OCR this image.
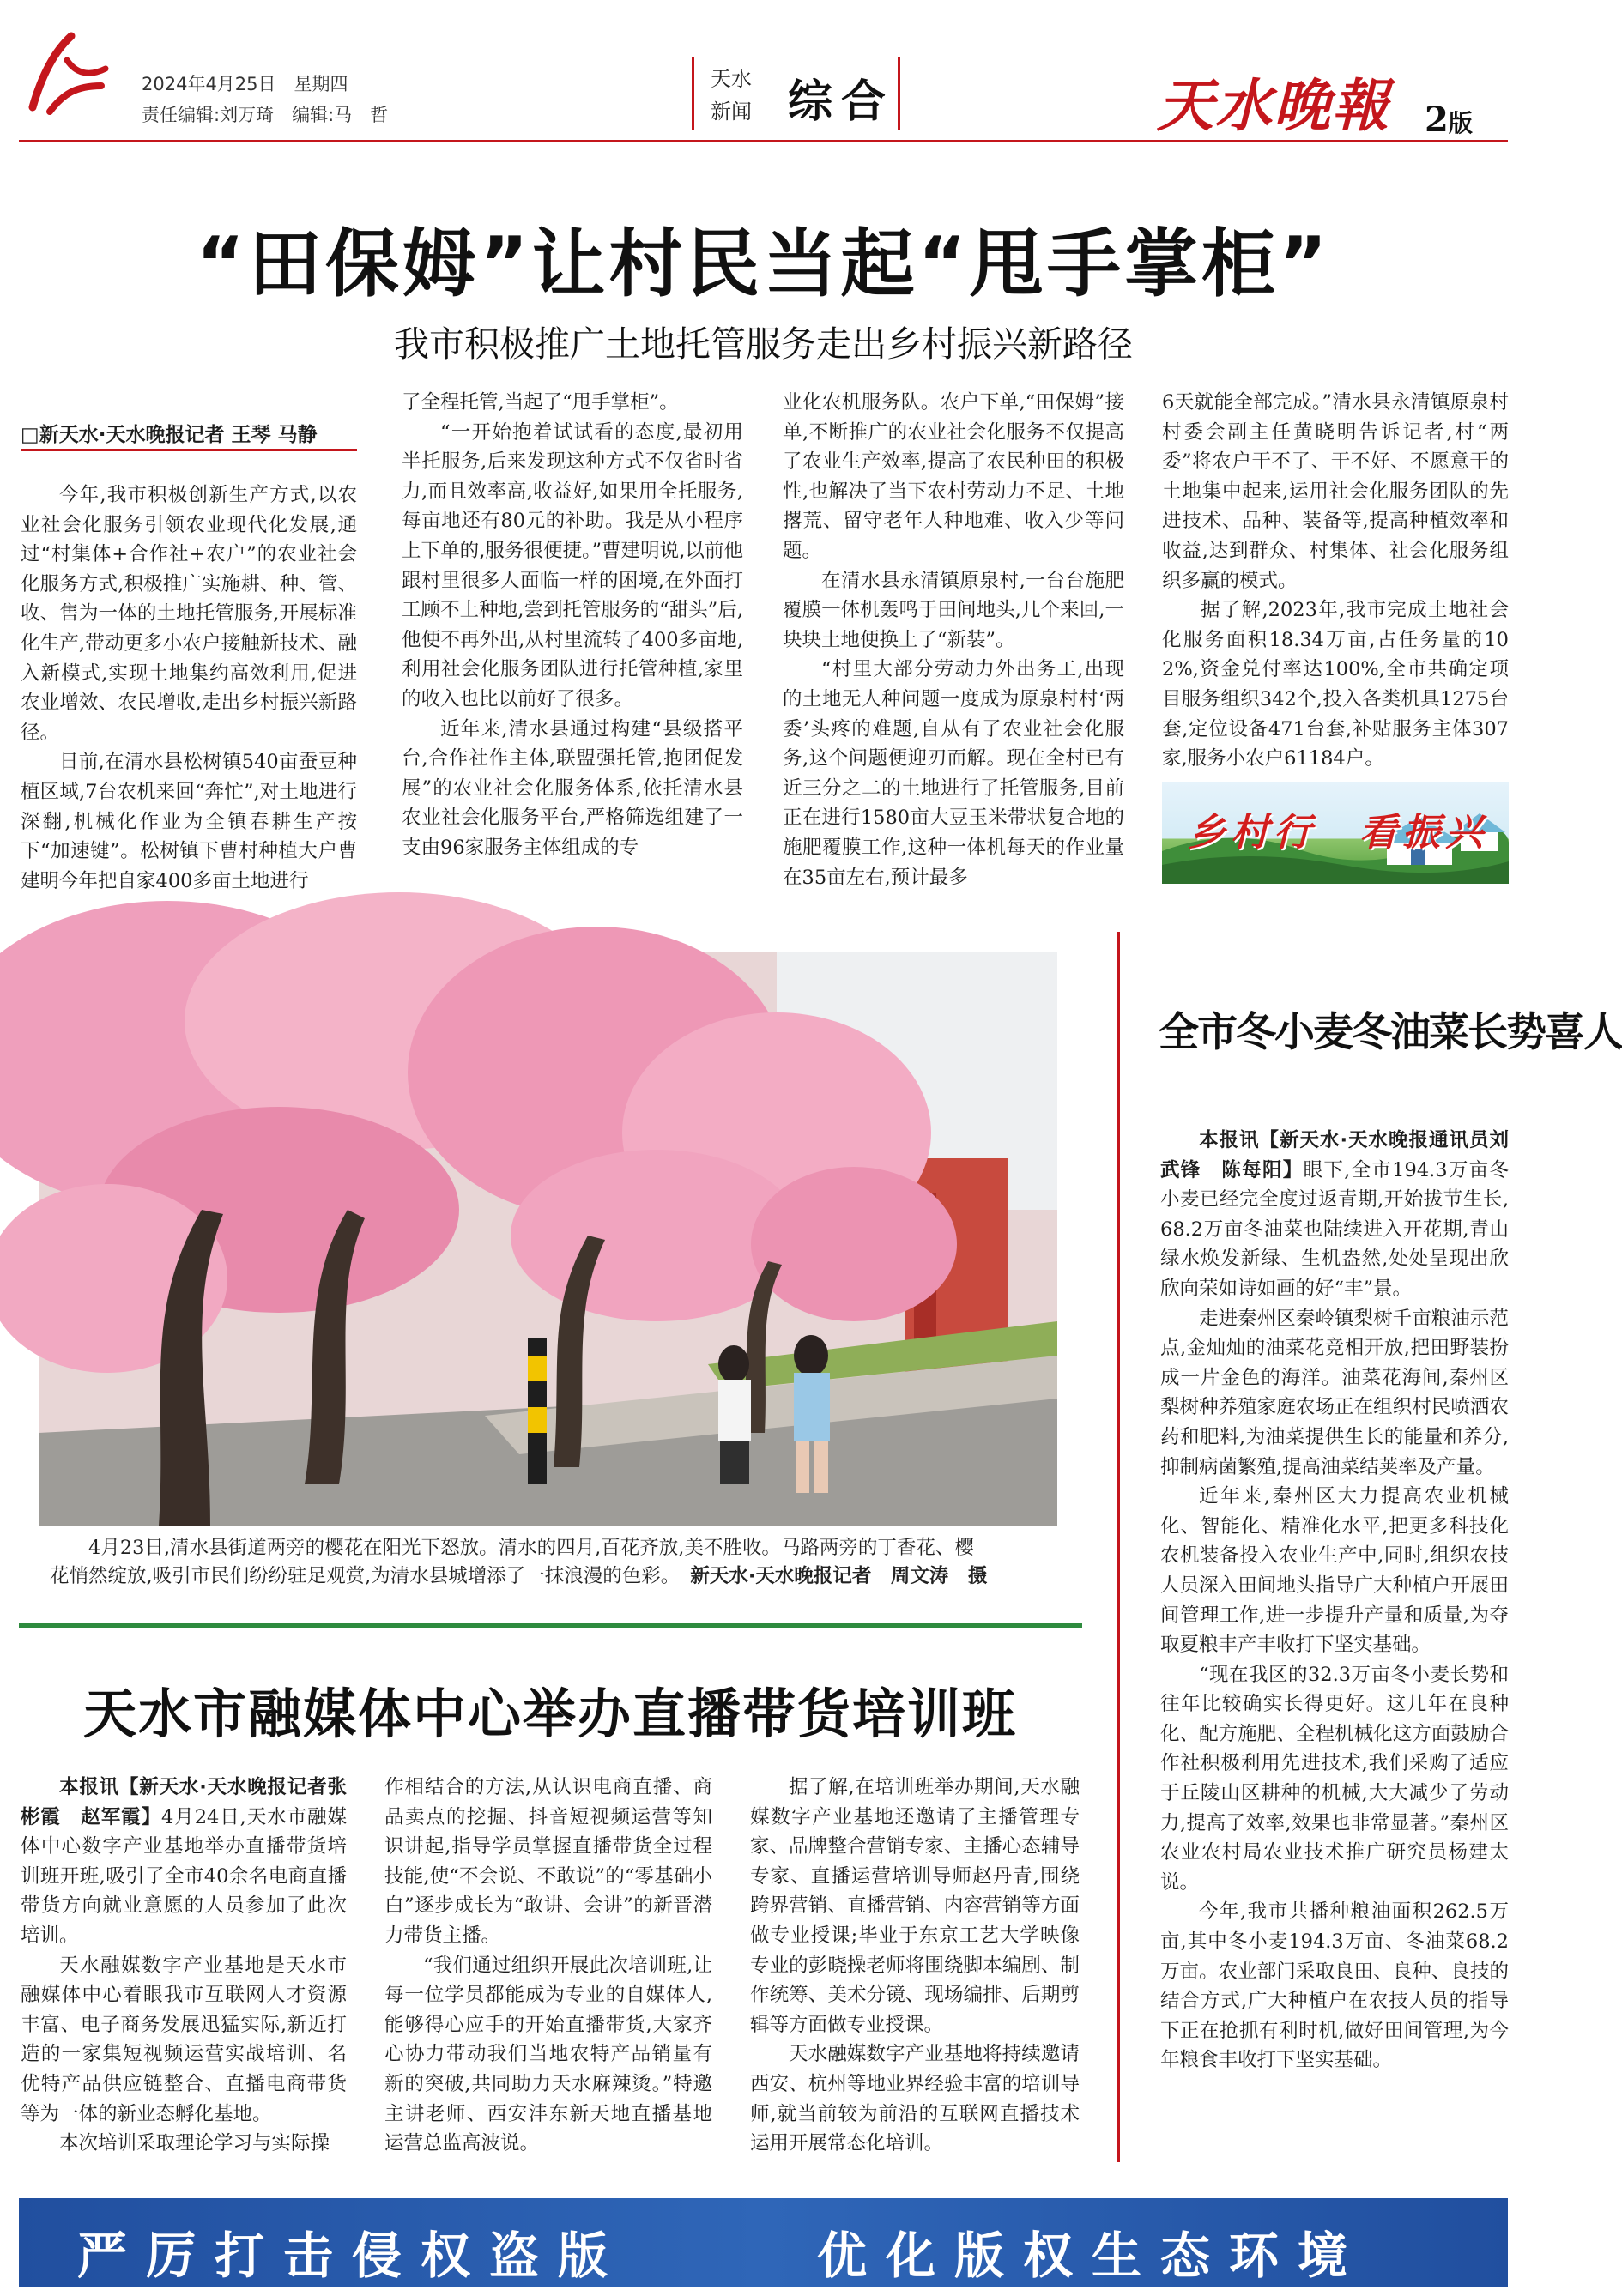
2024年4月25日　星期四
责任编辑:刘万琦　编辑:马　哲
天水
新闻 综合	天水晚報 2版
“田保姆”让村民当起“甩手掌柜”
我市积极推广土地托管服务走出乡村振兴新路径
□新天水·天水晚报记者 王琴 马静

今年,我市积极创新生产方式,以农业社会化服务引领农业现代化发展,通过“村集体+合作社+农户”的农业社会化服务方式,积极推广实施耕、种、管、收、售为一体的土地托管服务,开展标准化生产,带动更多小农户接触新技术、融入新模式,实现土地集约高效利用,促进农业增效、农民增收,走出乡村振兴新路径。

日前,在清水县松树镇540亩蚕豆种植区域,7台农机来回“奔忙”,对土地进行深翻,机械化作业为全镇春耕生产按下“加速键”。松树镇下曹村种植大户曹建明今年把自家400多亩土地进行

了全程托管,当起了“甩手掌柜”。

“一开始抱着试试看的态度,最初用半托服务,后来发现这种方式不仅省时省力,而且效率高,收益好,如果用全托服务,每亩地还有80元的补助。我是从小程序上下单的,服务很便捷。”曹建明说,以前他跟村里很多人面临一样的困境,在外面打工顾不上种地,尝到托管服务的“甜头”后,他便不再外出,从村里流转了400多亩地,利用社会化服务团队进行托管种植,家里的收入也比以前好了很多。

近年来,清水县通过构建“县级搭平台,合作社作主体,联盟强托管,抱团促发展”的农业社会化服务体系,依托清水县农业社会化服务平台,严格筛选组建了一支由96家服务主体组成的专

业化农机服务队。农户下单,“田保姆”接单,不断推广的农业社会化服务不仅提高了农业生产效率,提高了农民种田的积极性,也解决了当下农村劳动力不足、土地撂荒、留守老年人种地难、收入少等问题。

在清水县永清镇原泉村,一台台施肥覆膜一体机轰鸣于田间地头,几个来回,一块块土地便换上了“新装”。

“村里大部分劳动力外出务工,出现的土地无人种问题一度成为原泉村村‘两委’头疼的难题,自从有了农业社会化服务,这个问题便迎刃而解。现在全村已有近三分之二的土地进行了托管服务,目前正在进行1580亩大豆玉米带状复合地的施肥覆膜工作,这种一体机每天的作业量在35亩左右,预计最多

6天就能全部完成。”清水县永清镇原泉村村委会副主任黄晓明告诉记者,村“两委”将农户干不了、干不好、不愿意干的土地集中起来,运用社会化服务团队的先进技术、品种、装备等,提高种植效率和收益,达到群众、村集体、社会化服务组织多赢的模式。

据了解,2023年,我市完成土地社会化服务面积18.34万亩,占任务量的102%,资金兑付率达100%,全市共确定项目服务组织342个,投入各类机具1275台套,定位设备471台套,补贴服务主体307家,服务小农户61184户。

乡村行　看振兴
4月23日,清水县街道两旁的樱花在阳光下怒放。清水的四月,百花齐放,美不胜收。马路两旁的丁香花、樱
花悄然绽放,吸引市民们纷纷驻足观赏,为清水县城增添了一抹浪漫的色彩。 新天水·天水晚报记者　周文涛　摄
全市冬小麦冬油菜长势喜人

本报讯【新天水·天水晚报通讯员刘武锋　陈每阳】眼下,全市194.3万亩冬小麦已经完全度过返青期,开始拔节生长,68.2万亩冬油菜也陆续进入开花期,青山绿水焕发新绿、生机盎然,处处呈现出欣欣向荣如诗如画的好“丰”景。

走进秦州区秦岭镇梨树千亩粮油示范点,金灿灿的油菜花竞相开放,把田野装扮成一片金色的海洋。油菜花海间,秦州区梨树种养殖家庭农场正在组织村民喷洒农药和肥料,为油菜提供生长的能量和养分,抑制病菌繁殖,提高油菜结荚率及产量。

近年来,秦州区大力提高农业机械化、智能化、精准化水平,把更多科技化农机装备投入农业生产中,同时,组织农技人员深入田间地头指导广大种植户开展田间管理工作,进一步提升产量和质量,为夺取夏粮丰产丰收打下坚实基础。

“现在我区的32.3万亩冬小麦长势和往年比较确实长得更好。这几年在良种化、配方施肥、全程机械化这方面鼓励合作社积极利用先进技术,我们采购了适应于丘陵山区耕种的机械,大大减少了劳动力,提高了效率,效果也非常显著。”秦州区农业农村局农业技术推广研究员杨建太说。

今年,我市共播种粮油面积262.5万亩,其中冬小麦194.3万亩、冬油菜68.2万亩。农业部门采取良田、良种、良技的结合方式,广大种植户在农技人员的指导下正在抢抓有利时机,做好田间管理,为今年粮食丰收打下坚实基础。

天水市融媒体中心举办直播带货培训班

本报讯【新天水·天水晚报记者张彬霞　赵军霞】4月24日,天水市融媒体中心数字产业基地举办直播带货培训班开班,吸引了全市40余名电商直播带货方向就业意愿的人员参加了此次培训。

天水融媒数字产业基地是天水市融媒体中心着眼我市互联网人才资源丰富、电子商务发展迅猛实际,新近打造的一家集短视频运营实战培训、名优特产品供应链整合、直播电商带货等为一体的新业态孵化基地。

本次培训采取理论学习与实际操

作相结合的方法,从认识电商直播、商品卖点的挖掘、抖音短视频运营等知识讲起,指导学员掌握直播带货全过程技能,使“不会说、不敢说”的“零基础小白”逐步成长为“敢讲、会讲”的新晋潜力带货主播。

“我们通过组织开展此次培训班,让每一位学员都能成为专业的自媒体人,能够得心应手的开始直播带货,大家齐心协力带动我们当地农特产品销量有新的突破,共同助力天水麻辣烫。”特邀主讲老师、西安沣东新天地直播基地运营总监高波说。

据了解,在培训班举办期间,天水融媒数字产业基地还邀请了主播管理专家、品牌整合营销专家、主播心态辅导专家、直播运营培训导师赵丹青,围绕跨界营销、直播营销、内容营销等方面做专业授课;毕业于东京工艺大学映像专业的彭晓操老师将围绕脚本编剧、制作统筹、美术分镜、现场编排、后期剪辑等方面做专业授课。

天水融媒数字产业基地将持续邀请西安、杭州等地业界经验丰富的培训导师,就当前较为前沿的互联网直播技术运用开展常态化培训。

严厉打击侵权盗版	优化版权生态环境
